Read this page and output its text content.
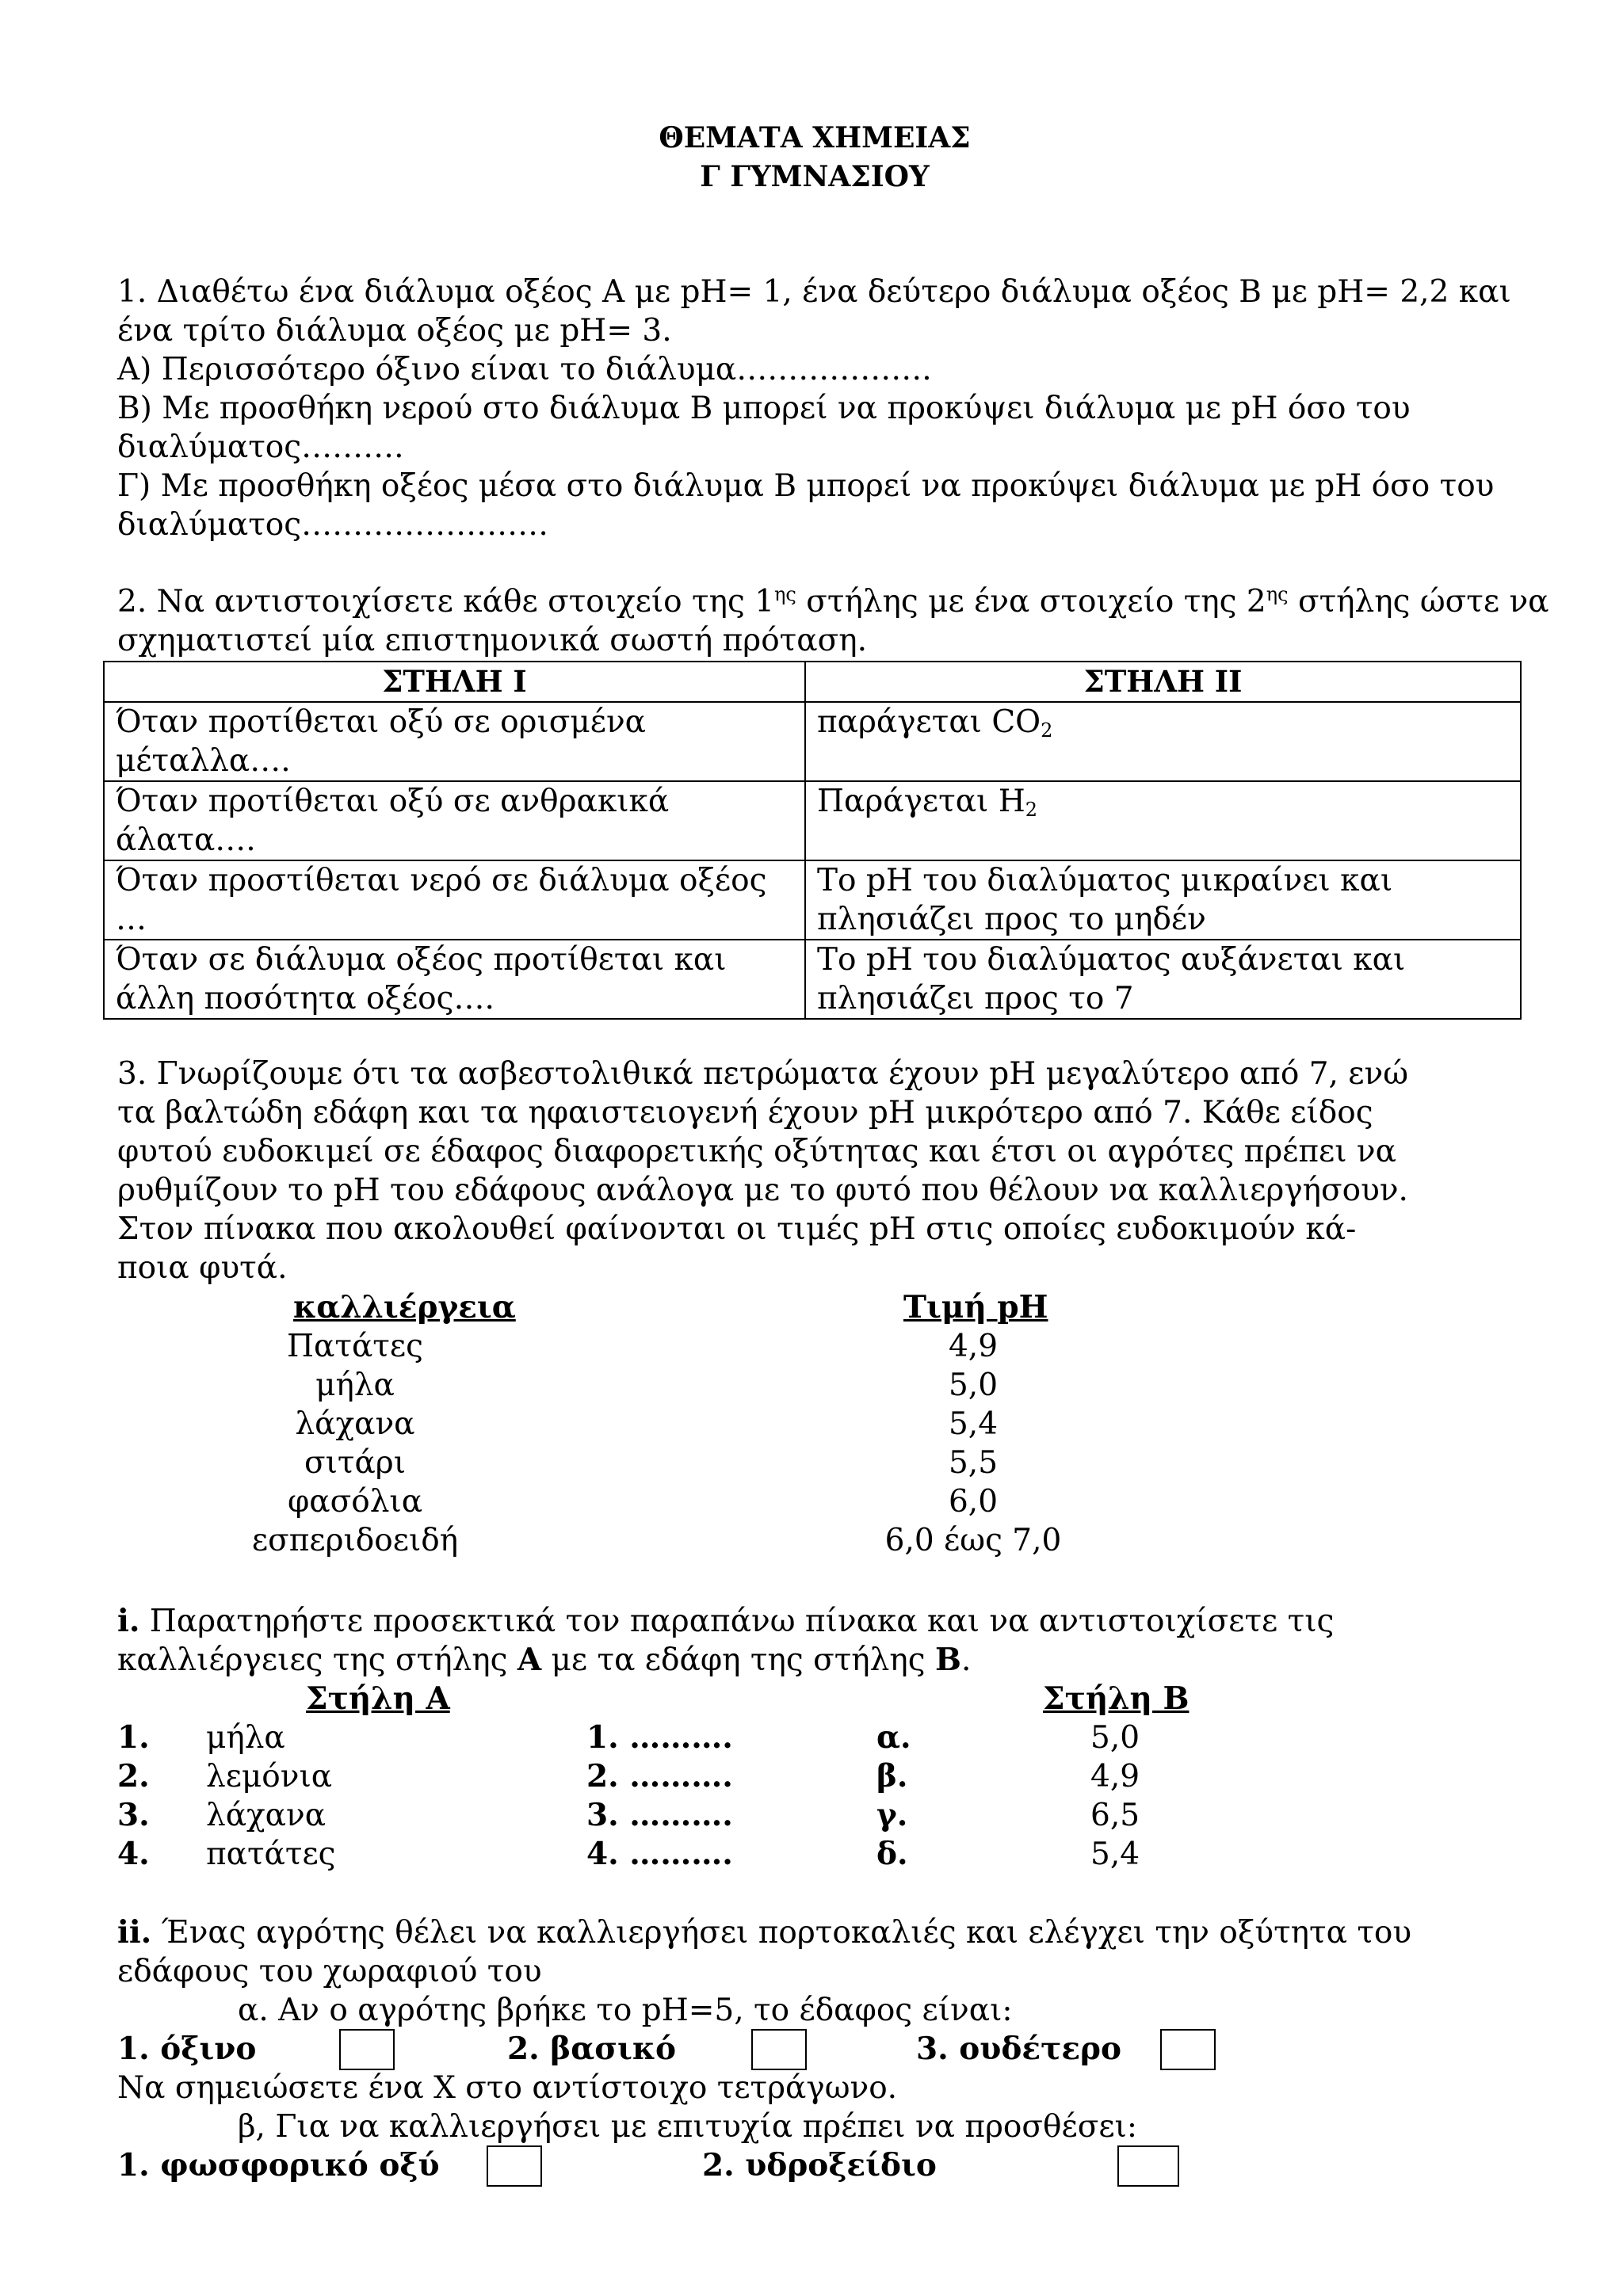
ΘΕΜΑΤΑ ΧΗΜΕΙΑΣ
Γ ΓΥΜΝΑΣΙΟΥ
1. Διαθέτω ένα διάλυμα οξέος Α με pH= 1, ένα δεύτερο διάλυμα οξέος Β με pH= 2,2 και
ένα τρίτο διάλυμα οξέος με pH= 3.
Α) Περισσότερο όξινο είναι το διάλυμα……………….
Β) Με προσθήκη νερού στο διάλυμα Β μπορεί να προκύψει διάλυμα με pH όσο του
διαλύματος……….
Γ) Με προσθήκη οξέος μέσα στο διάλυμα Β μπορεί να προκύψει διάλυμα με pH όσο του
διαλύματος……………………
2. Να αντιστοιχίσετε κάθε στοιχείο της $1^{\eta\varsigma}$ στήλης με ένα στοιχείο της $2^{\eta\varsigma}$ στήλης ώστε να
σχηματιστεί μία επιστημονικά σωστή πρόταση.
ΣΤΗΛΗ Ι	ΣΤΗΛΗ ΙΙ
Όταν προτίθεται οξύ σε ορισμένα μέταλλα….	παράγεται $CO_2$
Όταν προτίθεται οξύ σε ανθρακικά άλατα….	Παράγεται $H_2$
Όταν προστίθεται νερό σε διάλυμα οξέος …	Το pH του διαλύματος μικραίνει και πλησιάζει προς το μηδέν
Όταν σε διάλυμα οξέος προτίθεται και άλλη ποσότητα οξέος….	Το pH του διαλύματος αυξάνεται και πλησιάζει προς το 7
3. Γνωρίζουμε ότι τα ασβεστολιθικά πετρώματα έχουν pH μεγαλύτερο από 7, ενώ
τα βαλτώδη εδάφη και τα ηφαιστειογενή έχουν pH μικρότερο από 7. Κάθε είδος
φυτού ευδοκιμεί σε έδαφος διαφορετικής οξύτητας και έτσι οι αγρότες πρέπει να
ρυθμίζουν το pH του εδάφους ανάλογα με το φυτό που θέλουν να καλλιεργήσουν.
Στον πίνακα που ακολουθεί φαίνονται οι τιμές pH στις οποίες ευδοκιμούν κά-
ποια φυτά.
καλλιέργεια	Τιμή pH
Πατάτες	4,9
μήλα	5,0
λάχανα	5,4
σιτάρι	5,5
φασόλια	6,0
εσπεριδοειδή	6,0 έως 7,0
i. Παρατηρήστε προσεκτικά τον παραπάνω πίνακα και να αντιστοιχίσετε τις
καλλιέργειες της στήλης Α με τα εδάφη της στήλης Β.
Στήλη Α	Στήλη Β
1. μήλα	1. ……….	α.	5,0
2. λεμόνια	2. ……….	β.	4,9
3. λάχανα	3. ……….	γ.	6,5
4. πατάτες	4. ……….	δ.	5,4
ii. Ένας αγρότης θέλει να καλλιεργήσει πορτοκαλιές και ελέγχει την οξύτητα του
εδάφους του χωραφιού του
α. Αν ο αγρότης βρήκε το pH=5, το έδαφος είναι:
1. όξινο	2. βασικό	3. ουδέτερο
Να σημειώσετε ένα Χ στο αντίστοιχο τετράγωνο.
β, Για να καλλιεργήσει με επιτυχία πρέπει να προσθέσει:
1. φωσφορικό οξύ	2. υδροξείδιο
